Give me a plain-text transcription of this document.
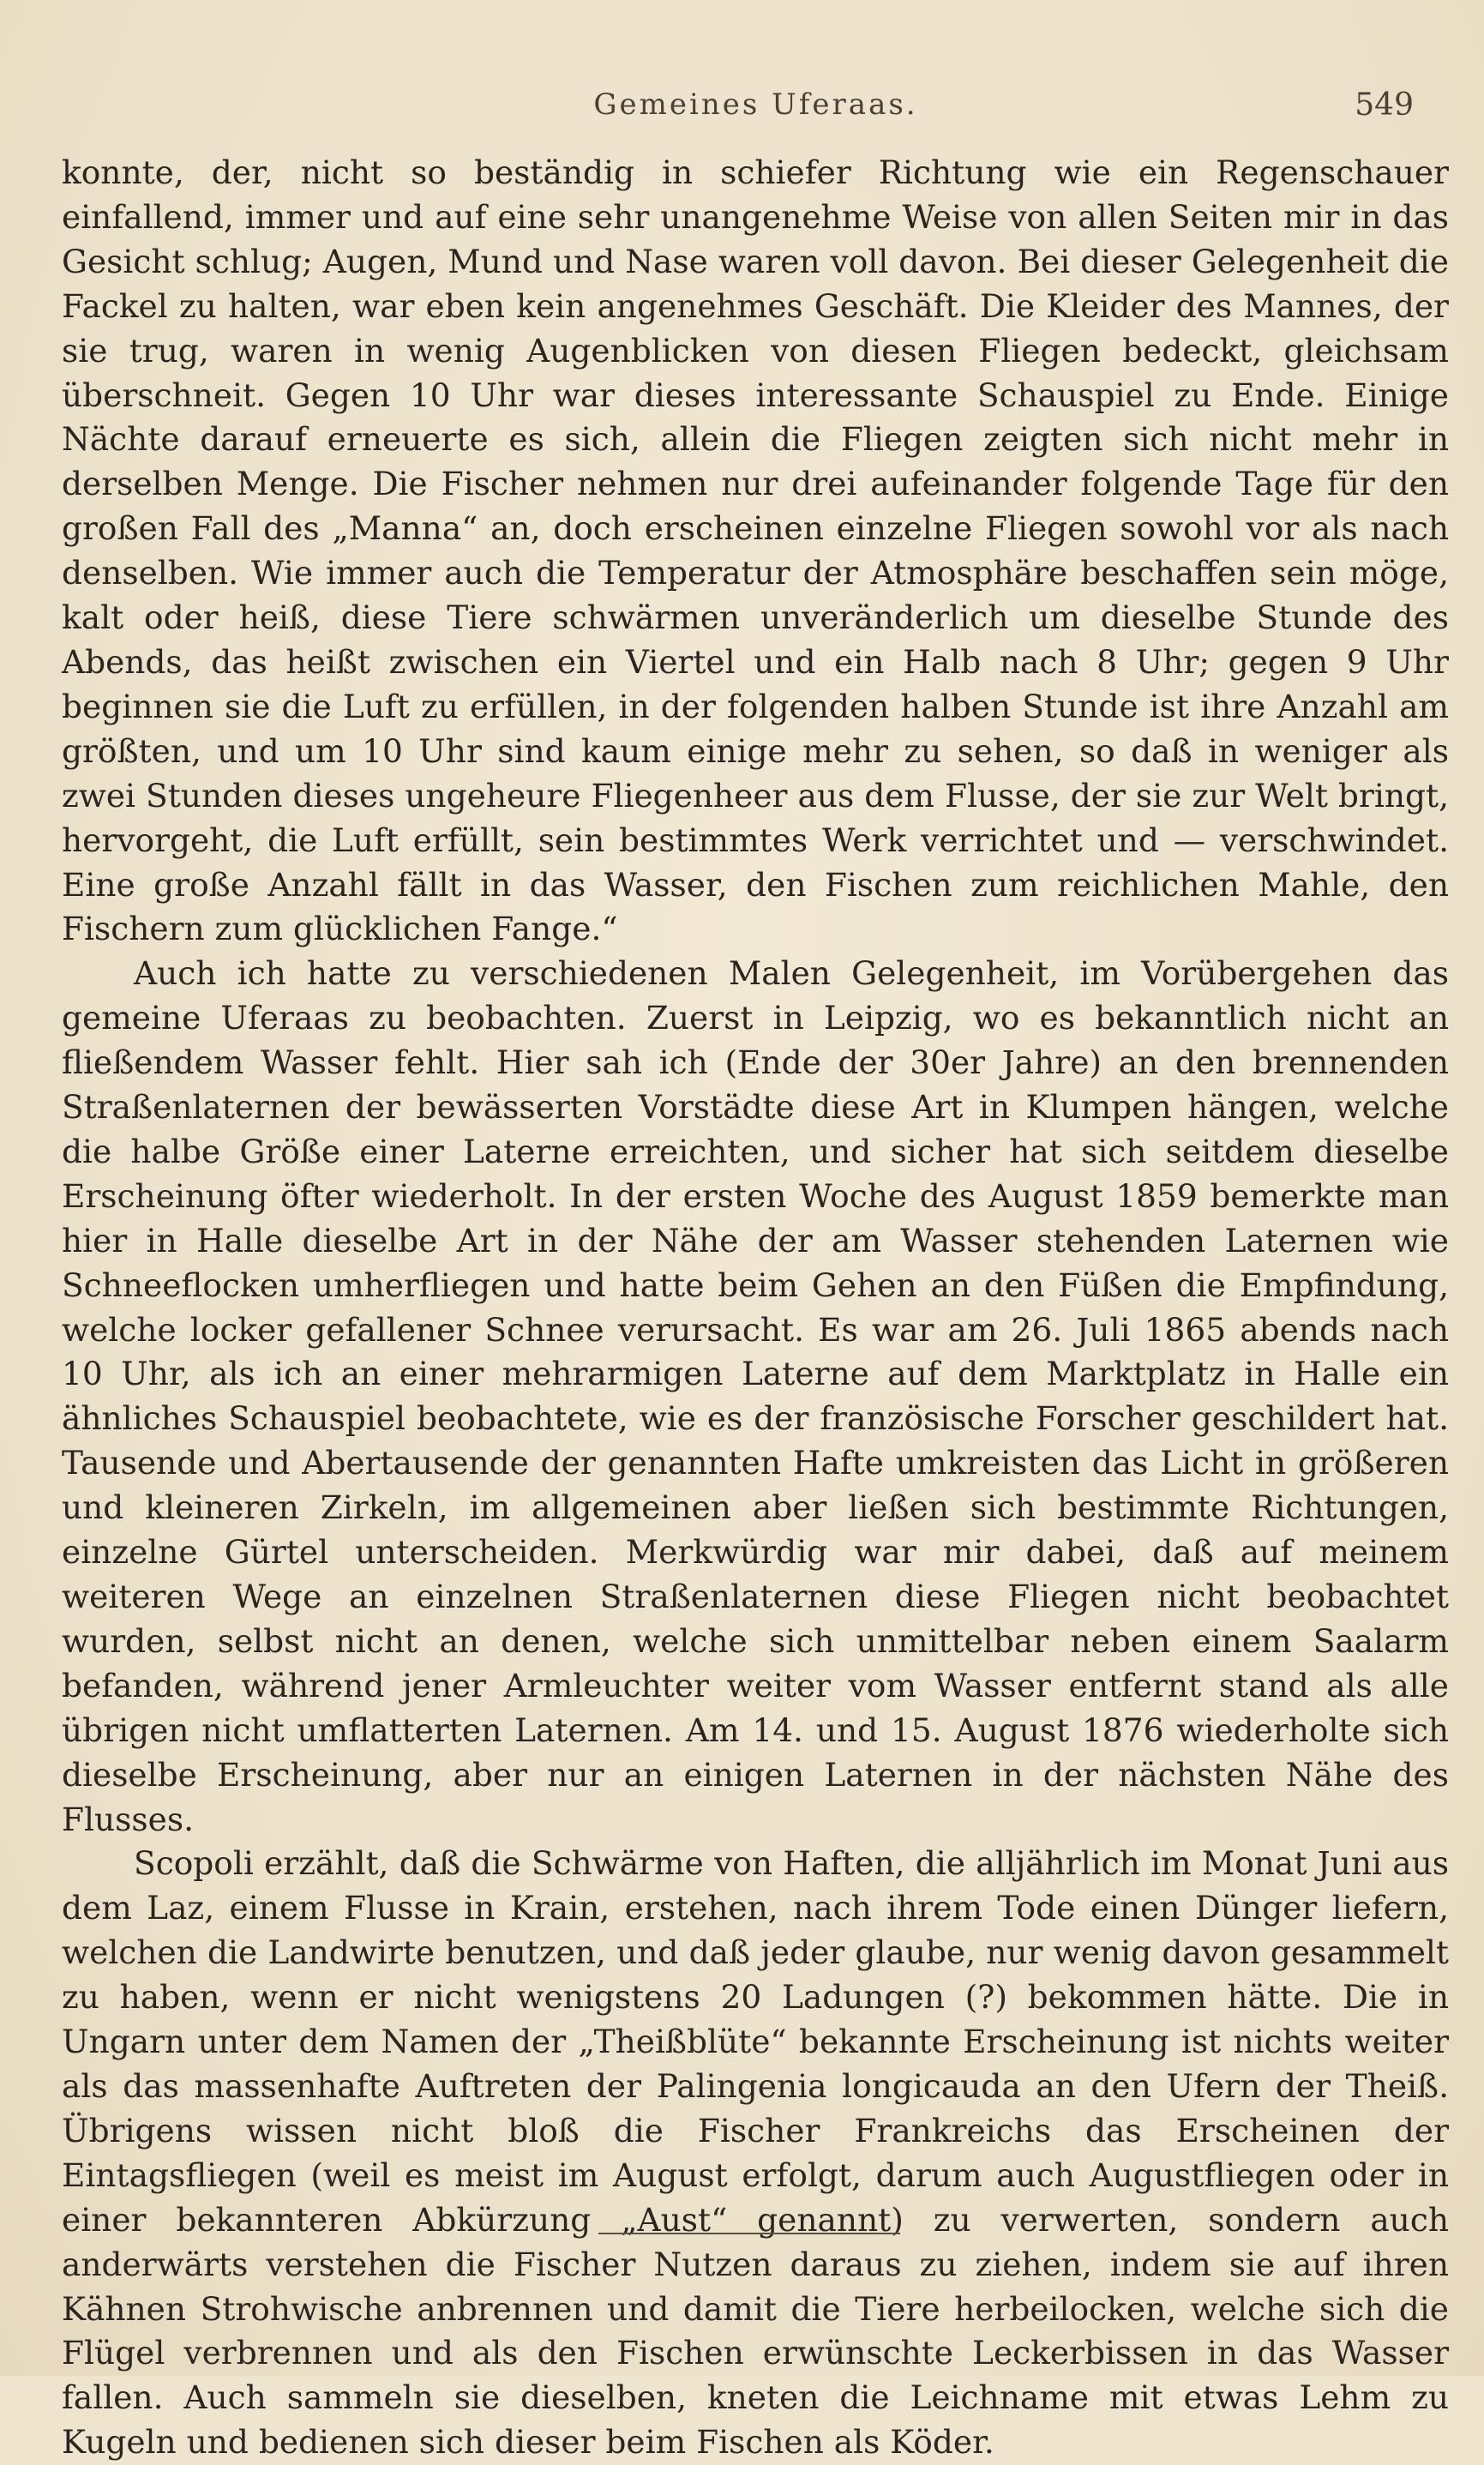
Gemeines Uferaas.	549

konnte, der, nicht so beständig in schiefer Richtung wie ein Regenschauer einfallend, immer und auf eine sehr unangenehme Weise von allen Seiten mir in das Gesicht schlug; Augen, Mund und Nase waren voll davon. Bei dieser Gelegenheit die Fackel zu halten, war eben kein angenehmes Geschäft. Die Kleider des Mannes, der sie trug, waren in wenig Augenblicken von diesen Fliegen bedeckt, gleichsam überschneit. Gegen 10 Uhr war dieses interessante Schauspiel zu Ende. Einige Nächte darauf erneuerte es sich, allein die Fliegen zeigten sich nicht mehr in derselben Menge. Die Fischer nehmen nur drei aufeinander folgende Tage für den großen Fall des „Manna“ an, doch erscheinen einzelne Fliegen sowohl vor als nach denselben. Wie immer auch die Temperatur der Atmosphäre beschaffen sein möge, kalt oder heiß, diese Tiere schwärmen unveränderlich um dieselbe Stunde des Abends, das heißt zwischen ein Viertel und ein Halb nach 8 Uhr; gegen 9 Uhr beginnen sie die Luft zu erfüllen, in der folgenden halben Stunde ist ihre Anzahl am größten, und um 10 Uhr sind kaum einige mehr zu sehen, so daß in weniger als zwei Stunden dieses ungeheure Fliegenheer aus dem Flusse, der sie zur Welt bringt, hervorgeht, die Luft erfüllt, sein bestimmtes Werk verrichtet und — verschwindet. Eine große Anzahl fällt in das Wasser, den Fischen zum reichlichen Mahle, den Fischern zum glücklichen Fange.“

Auch ich hatte zu verschiedenen Malen Gelegenheit, im Vorübergehen das gemeine Uferaas zu beobachten. Zuerst in Leipzig, wo es bekanntlich nicht an fließendem Wasser fehlt. Hier sah ich (Ende der 30er Jahre) an den brennenden Straßenlaternen der bewässerten Vorstädte diese Art in Klumpen hängen, welche die halbe Größe einer Laterne erreichten, und sicher hat sich seitdem dieselbe Erscheinung öfter wiederholt. In der ersten Woche des August 1859 bemerkte man hier in Halle dieselbe Art in der Nähe der am Wasser stehenden Laternen wie Schneeflocken umherfliegen und hatte beim Gehen an den Füßen die Empfindung, welche locker gefallener Schnee verursacht. Es war am 26. Juli 1865 abends nach 10 Uhr, als ich an einer mehrarmigen Laterne auf dem Marktplatz in Halle ein ähnliches Schauspiel beobachtete, wie es der französische Forscher geschildert hat. Tausende und Abertausende der genannten Hafte umkreisten das Licht in größeren und kleineren Zirkeln, im allgemeinen aber ließen sich bestimmte Richtungen, einzelne Gürtel unterscheiden. Merkwürdig war mir dabei, daß auf meinem weiteren Wege an einzelnen Straßenlaternen diese Fliegen nicht beobachtet wurden, selbst nicht an denen, welche sich unmittelbar neben einem Saalarm befanden, während jener Armleuchter weiter vom Wasser entfernt stand als alle übrigen nicht umflatterten Laternen. Am 14. und 15. August 1876 wiederholte sich dieselbe Erscheinung, aber nur an einigen Laternen in der nächsten Nähe des Flusses.

Scopoli erzählt, daß die Schwärme von Haften, die alljährlich im Monat Juni aus dem Laz, einem Flusse in Krain, erstehen, nach ihrem Tode einen Dünger liefern, welchen die Landwirte benutzen, und daß jeder glaube, nur wenig davon gesammelt zu haben, wenn er nicht wenigstens 20 Ladungen (?) bekommen hätte. Die in Ungarn unter dem Namen der „Theißblüte“ bekannte Erscheinung ist nichts weiter als das massenhafte Auftreten der Palingenia longicauda an den Ufern der Theiß. Übrigens wissen nicht bloß die Fischer Frankreichs das Erscheinen der Eintagsfliegen (weil es meist im August erfolgt, darum auch Augustfliegen oder in einer bekannteren Abkürzung „Aust“ genannt) zu verwerten, sondern auch anderwärts verstehen die Fischer Nutzen daraus zu ziehen, indem sie auf ihren Kähnen Strohwische anbrennen und damit die Tiere herbeilocken, welche sich die Flügel verbrennen und als den Fischen erwünschte Leckerbissen in das Wasser fallen. Auch sammeln sie dieselben, kneten die Leichname mit etwas Lehm zu Kugeln und bedienen sich dieser beim Fischen als Köder.
